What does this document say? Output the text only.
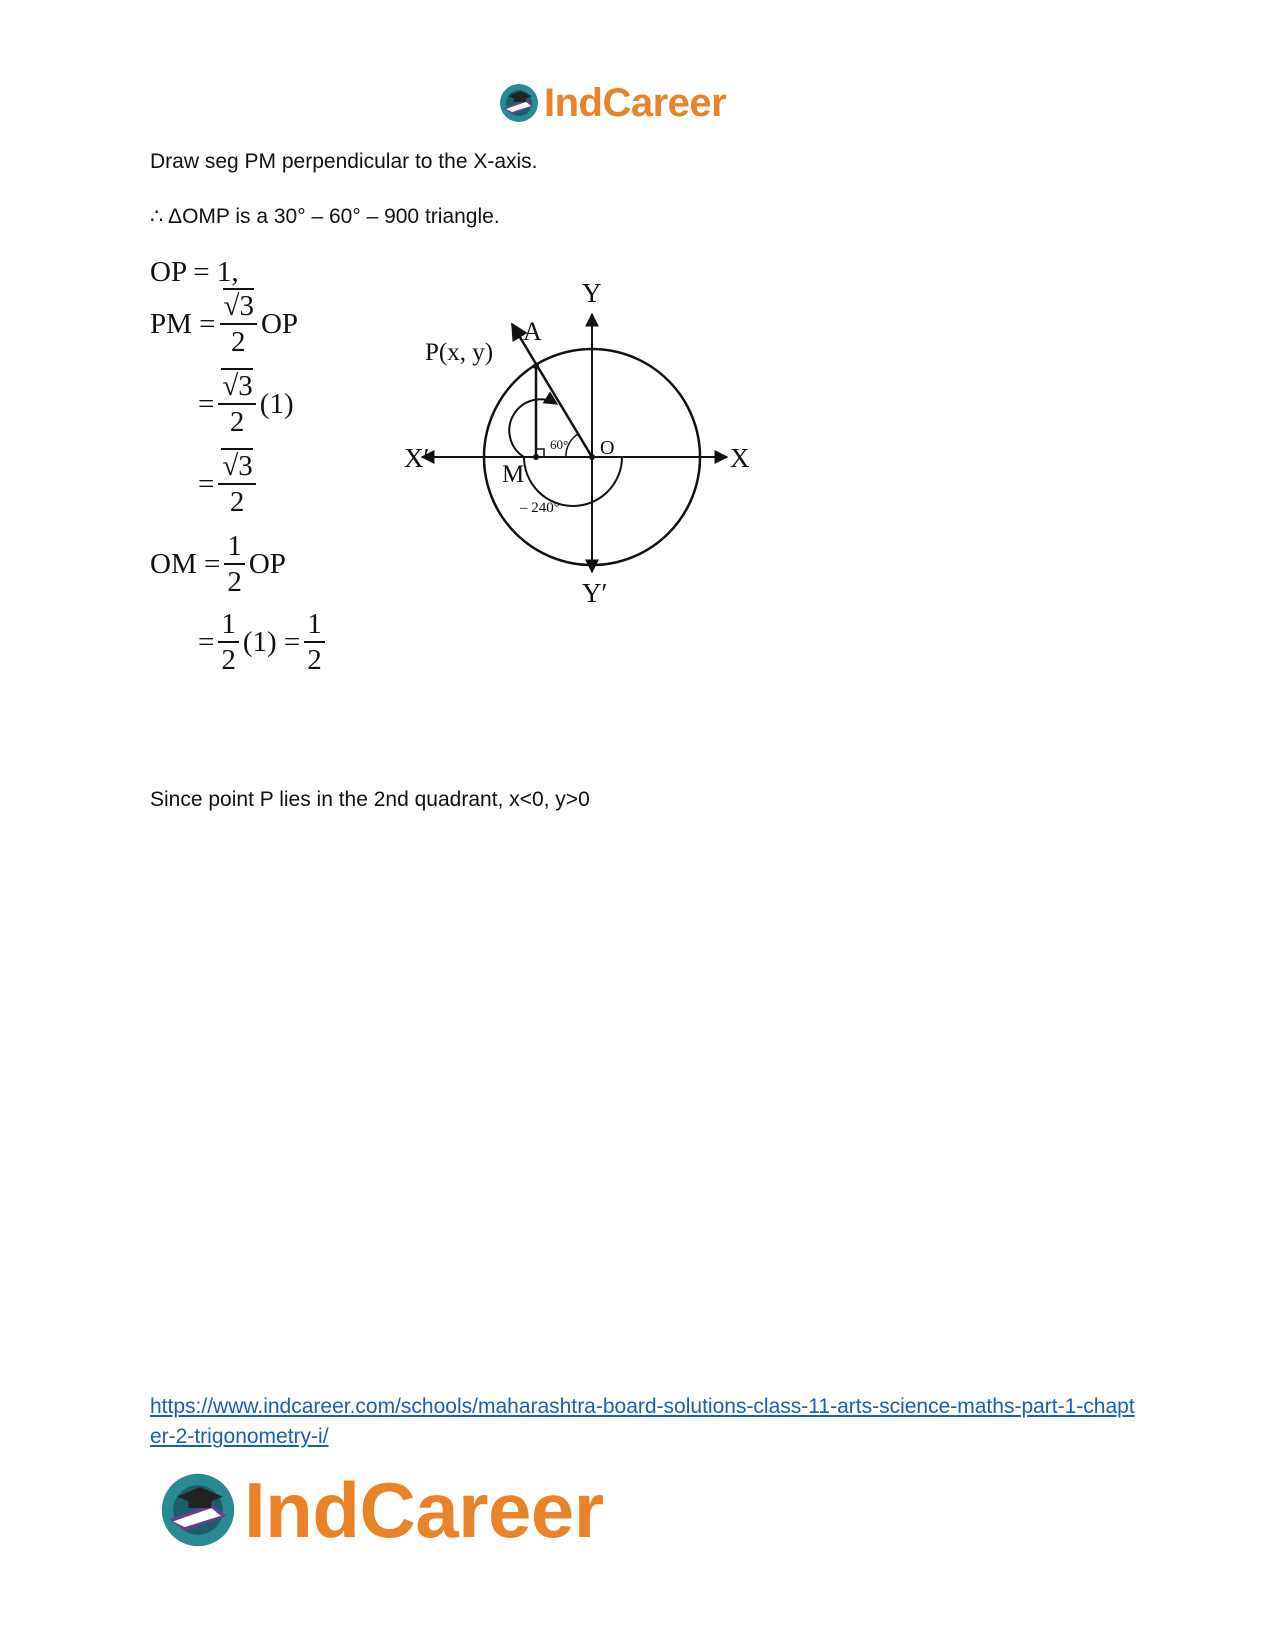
IndCareer

Draw seg PM perpendicular to the X-axis.

∴ ΔOMP is a 30° – 60° – 900 triangle.

OP = 1,
PM = $\frac{√3}{2}$ OP
= $\frac{√3}{2} (1)$
= $\frac{√3}{2}$
OM = $\frac{1}{2}$ OP
= $\frac{1}{2} (1) = \frac{1}{2}$
Y
Y′
X
X′
A
P(x, y)
O
M
60°
– 240°

Since point P lies in the 2nd quadrant, x<0, y>0

https://www.indcareer.com/schools/maharashtra-board-solutions-class-11-arts-science-maths-part-1-chapter-2-trigonometry-i/
IndCareer
